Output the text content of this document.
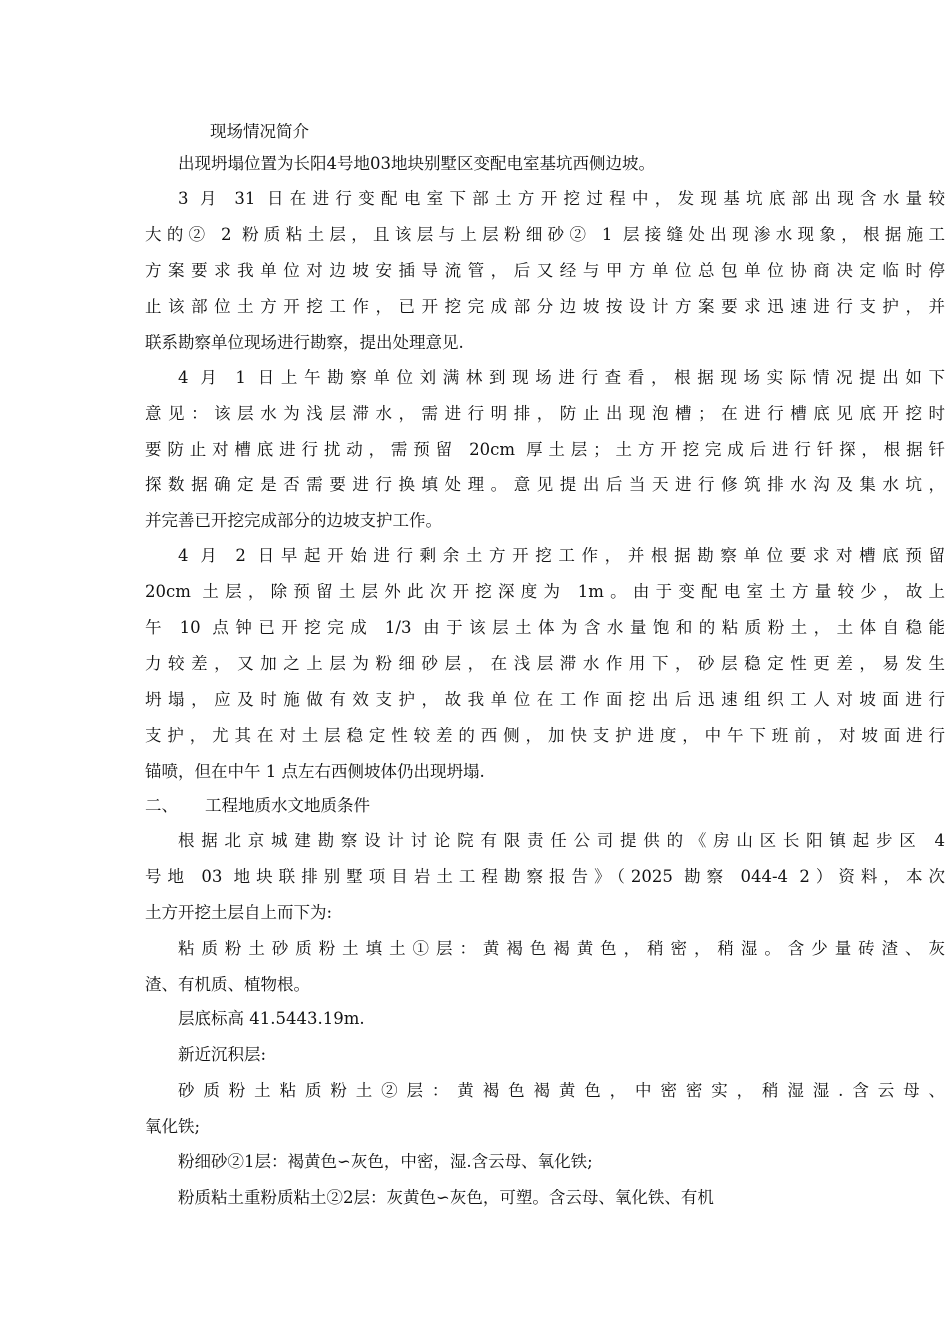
现场情况简介
出现坍塌位置为长阳4号地03地块别墅区变配电室基坑西侧边坡。
3 月 31 日在进行变配电室下部土方开挖过程中，发现基坑底部出现含水量较
大的② 2 粉质粘土层，且该层与上层粉细砂② 1 层接缝处出现渗水现象，根据施工
方案要求我单位对边坡安插导流管，后又经与甲方单位总包单位协商决定临时停
止该部位土方开挖工作，已开挖完成部分边坡按设计方案要求迅速进行支护，并
联系勘察单位现场进行勘察，提出处理意见.
4 月 1 日上午勘察单位刘满林到现场进行查看，根据现场实际情况提出如下
意见：该层水为浅层滞水，需进行明排，防止出现泡槽；在进行槽底见底开挖时
要防止对槽底进行扰动，需预留 20cm 厚土层；土方开挖完成后进行钎探，根据钎
探数据确定是否需要进行换填处理。意见提出后当天进行修筑排水沟及集水坑，
并完善已开挖完成部分的边坡支护工作。
4 月 2 日早起开始进行剩余土方开挖工作，并根据勘察单位要求对槽底预留
20cm 土层，除预留土层外此次开挖深度为 1m。由于变配电室土方量较少，故上
午 10 点钟已开挖完成 1/3 由于该层土体为含水量饱和的粘质粉土，土体自稳能
力较差，又加之上层为粉细砂层，在浅层滞水作用下，砂层稳定性更差，易发生
坍塌，应及时施做有效支护，故我单位在工作面挖出后迅速组织工人对坡面进行
支护，尤其在对土层稳定性较差的西侧，加快支护进度，中午下班前，对坡面进行
锚喷，但在中午 1 点左右西侧坡体仍出现坍塌.
二、 工程地质水文地质条件
根据北京城建勘察设计讨论院有限责任公司提供的《房山区长阳镇起步区 4
号地 03 地块联排别墅项目岩土工程勘察报告》（2025 勘察 044-4 2）资料，本次
土方开挖土层自上而下为:
粘质粉土砂质粉土填土①层：黄褐色褐黄色，稍密，稍湿。含少量砖渣、灰
渣、有机质、植物根。
层底标高 41.5443.19m.
新近沉积层:
砂质粉土粘质粉土②层：黄褐色褐黄色，中密密实，稍湿湿.含云母、
氧化铁;
粉细砂②1层：褐黄色∽灰色，中密，湿.含云母、氧化铁;
粉质粘土重粉质粘土②2层：灰黄色∽灰色，可塑。含云母、氧化铁、有机
